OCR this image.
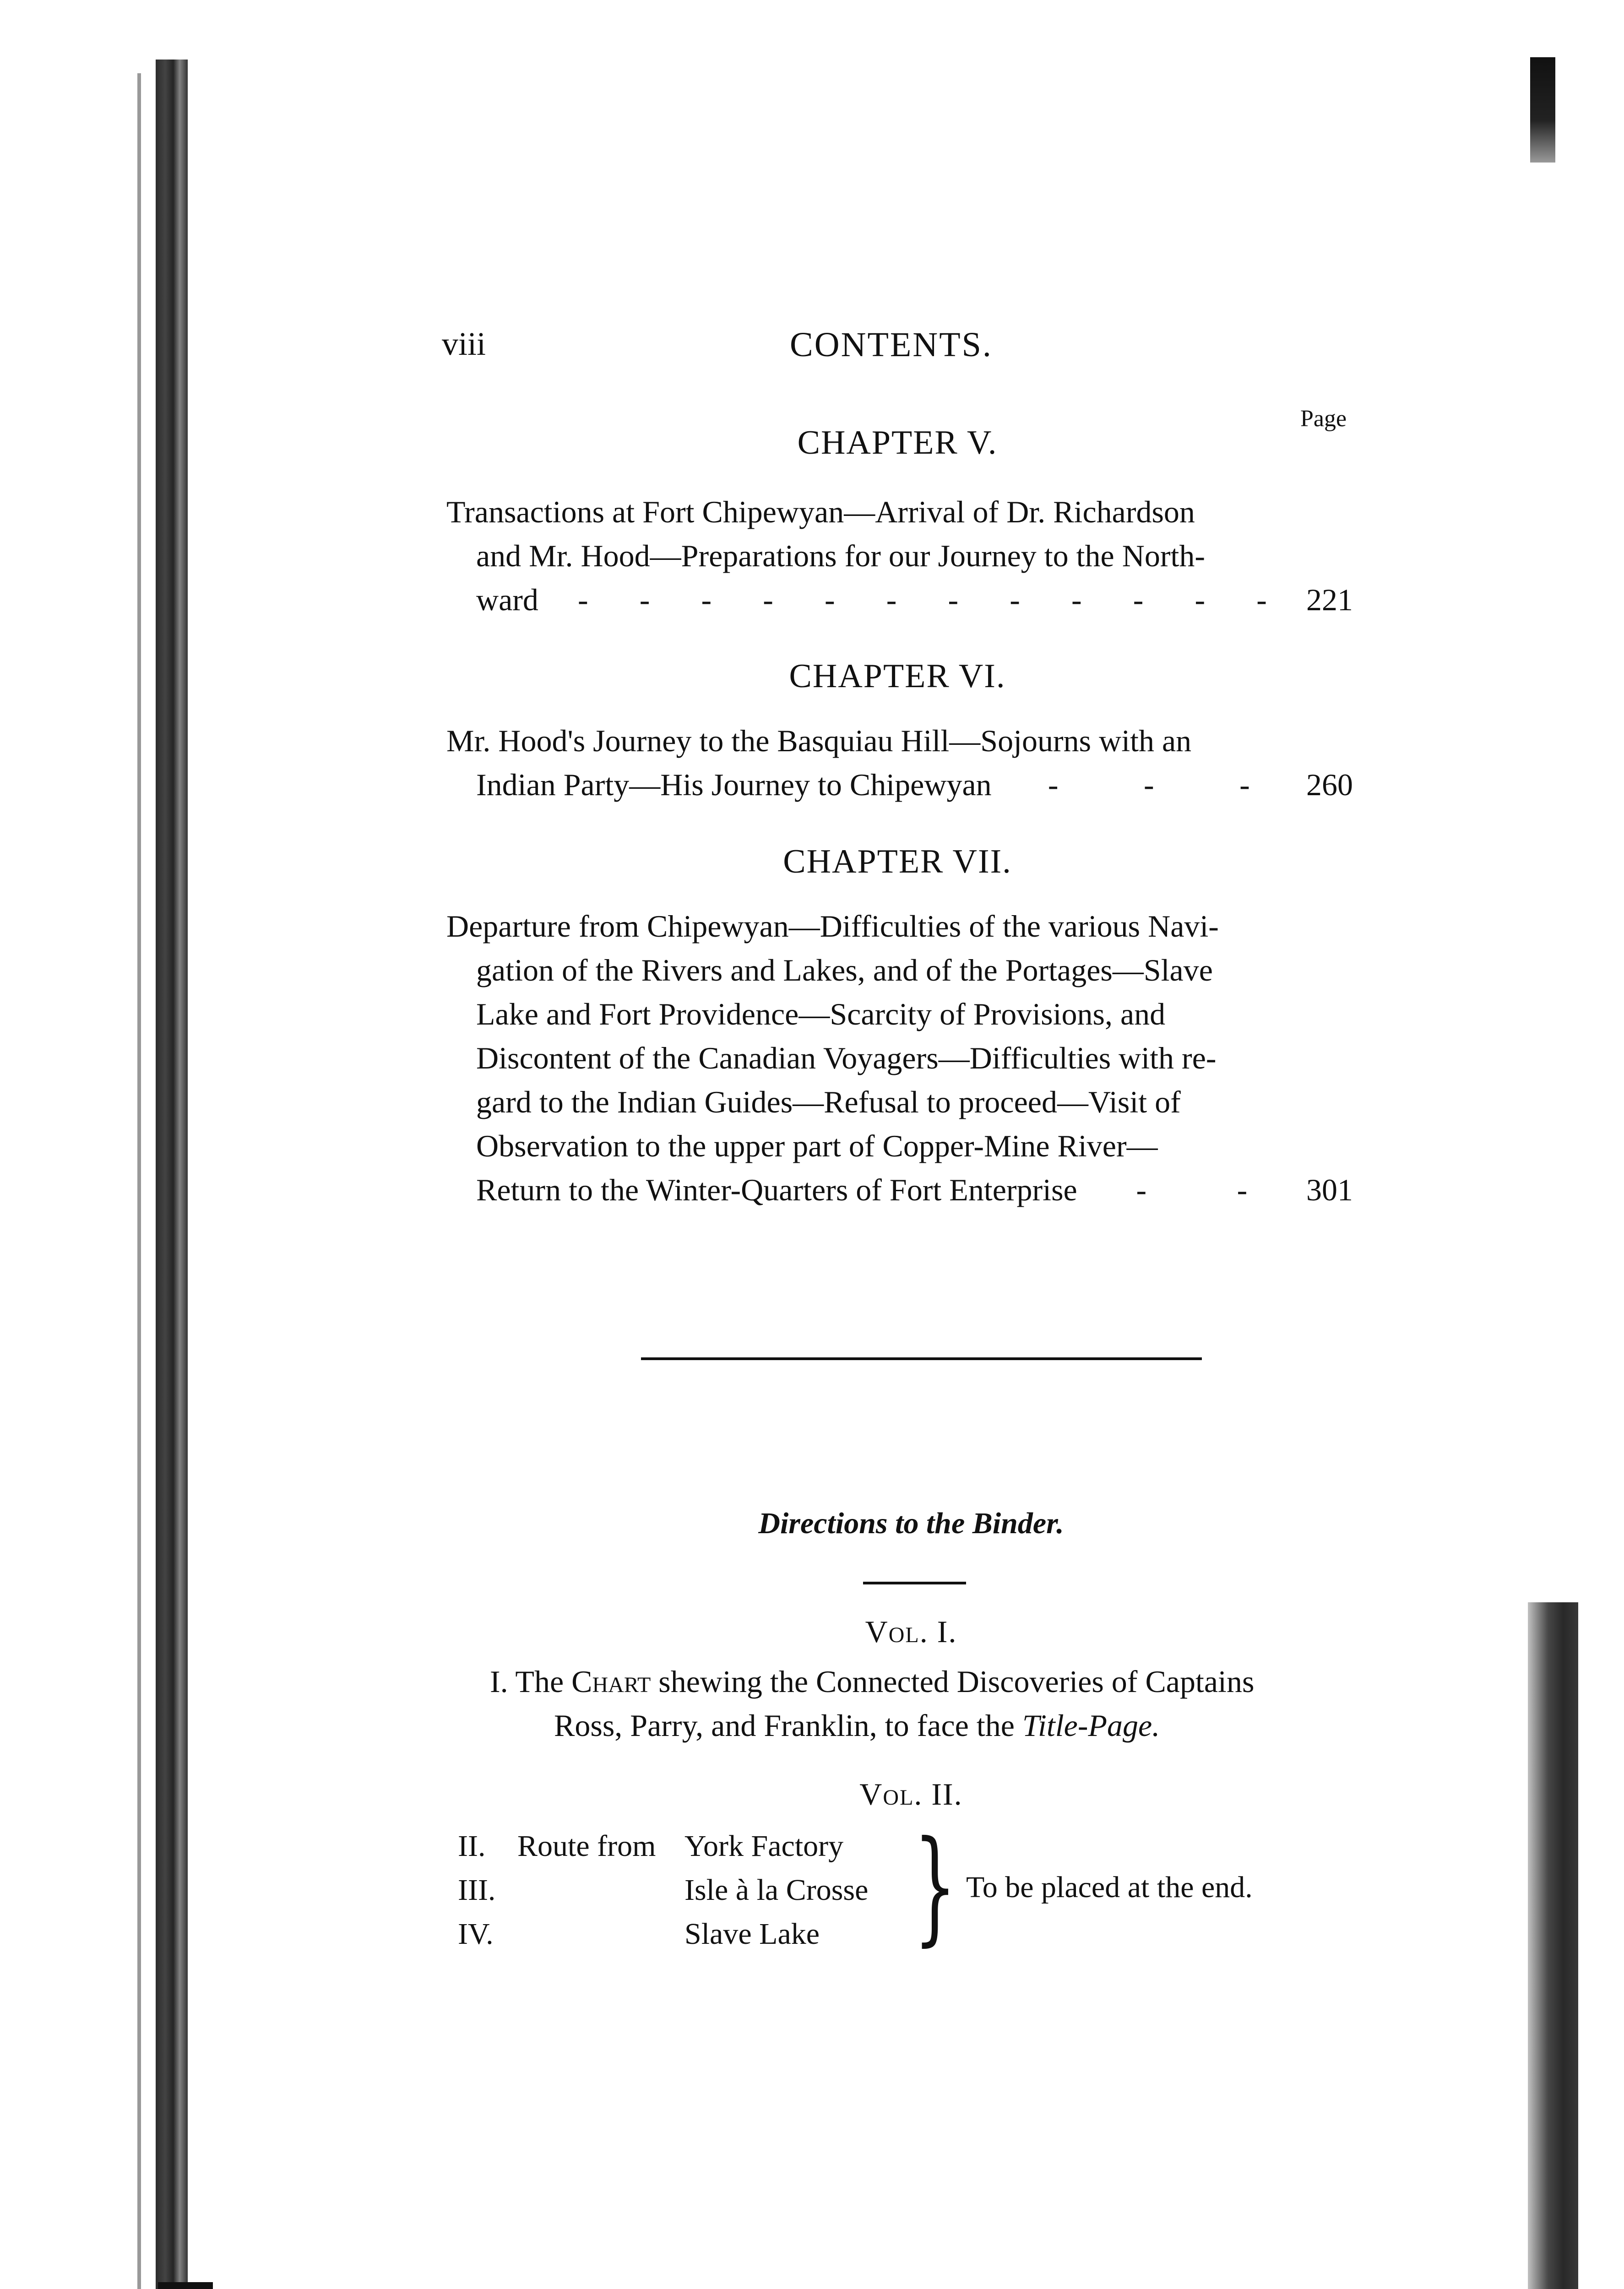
viii	CONTENTS.
Page
CHAPTER V.
Transactions at Fort Chipewyan—Arrival of Dr. Richardson
and Mr. Hood—Preparations for our Journey to the North-
ward - - - - - - - - - - - - 221
CHAPTER VI.
Mr. Hood's Journey to the Basquiau Hill—Sojourns with an
Indian Party—His Journey to Chipewyan -	-	- 260
CHAPTER VII.
Departure from Chipewyan—Difficulties of the various Navi-
gation of the Rivers and Lakes, and of the Portages—Slave
Lake and Fort Providence—Scarcity of Provisions, and
Discontent of the Canadian Voyagers—Difficulties with re-
gard to the Indian Guides—Refusal to proceed—Visit of
Observation to the upper part of Copper-Mine River—
Return to the Winter-Quarters of Fort Enterprise -	- 301
Directions to the Binder.
Vol. I.
I. The Chart shewing the Connected Discoveries of Captains
Ross, Parry, and Franklin, to face the Title-Page.
Vol. II.
II.	Route from York Factory
III.	Isle à la Crosse
IV.	Slave Lake } To be placed at the end.
